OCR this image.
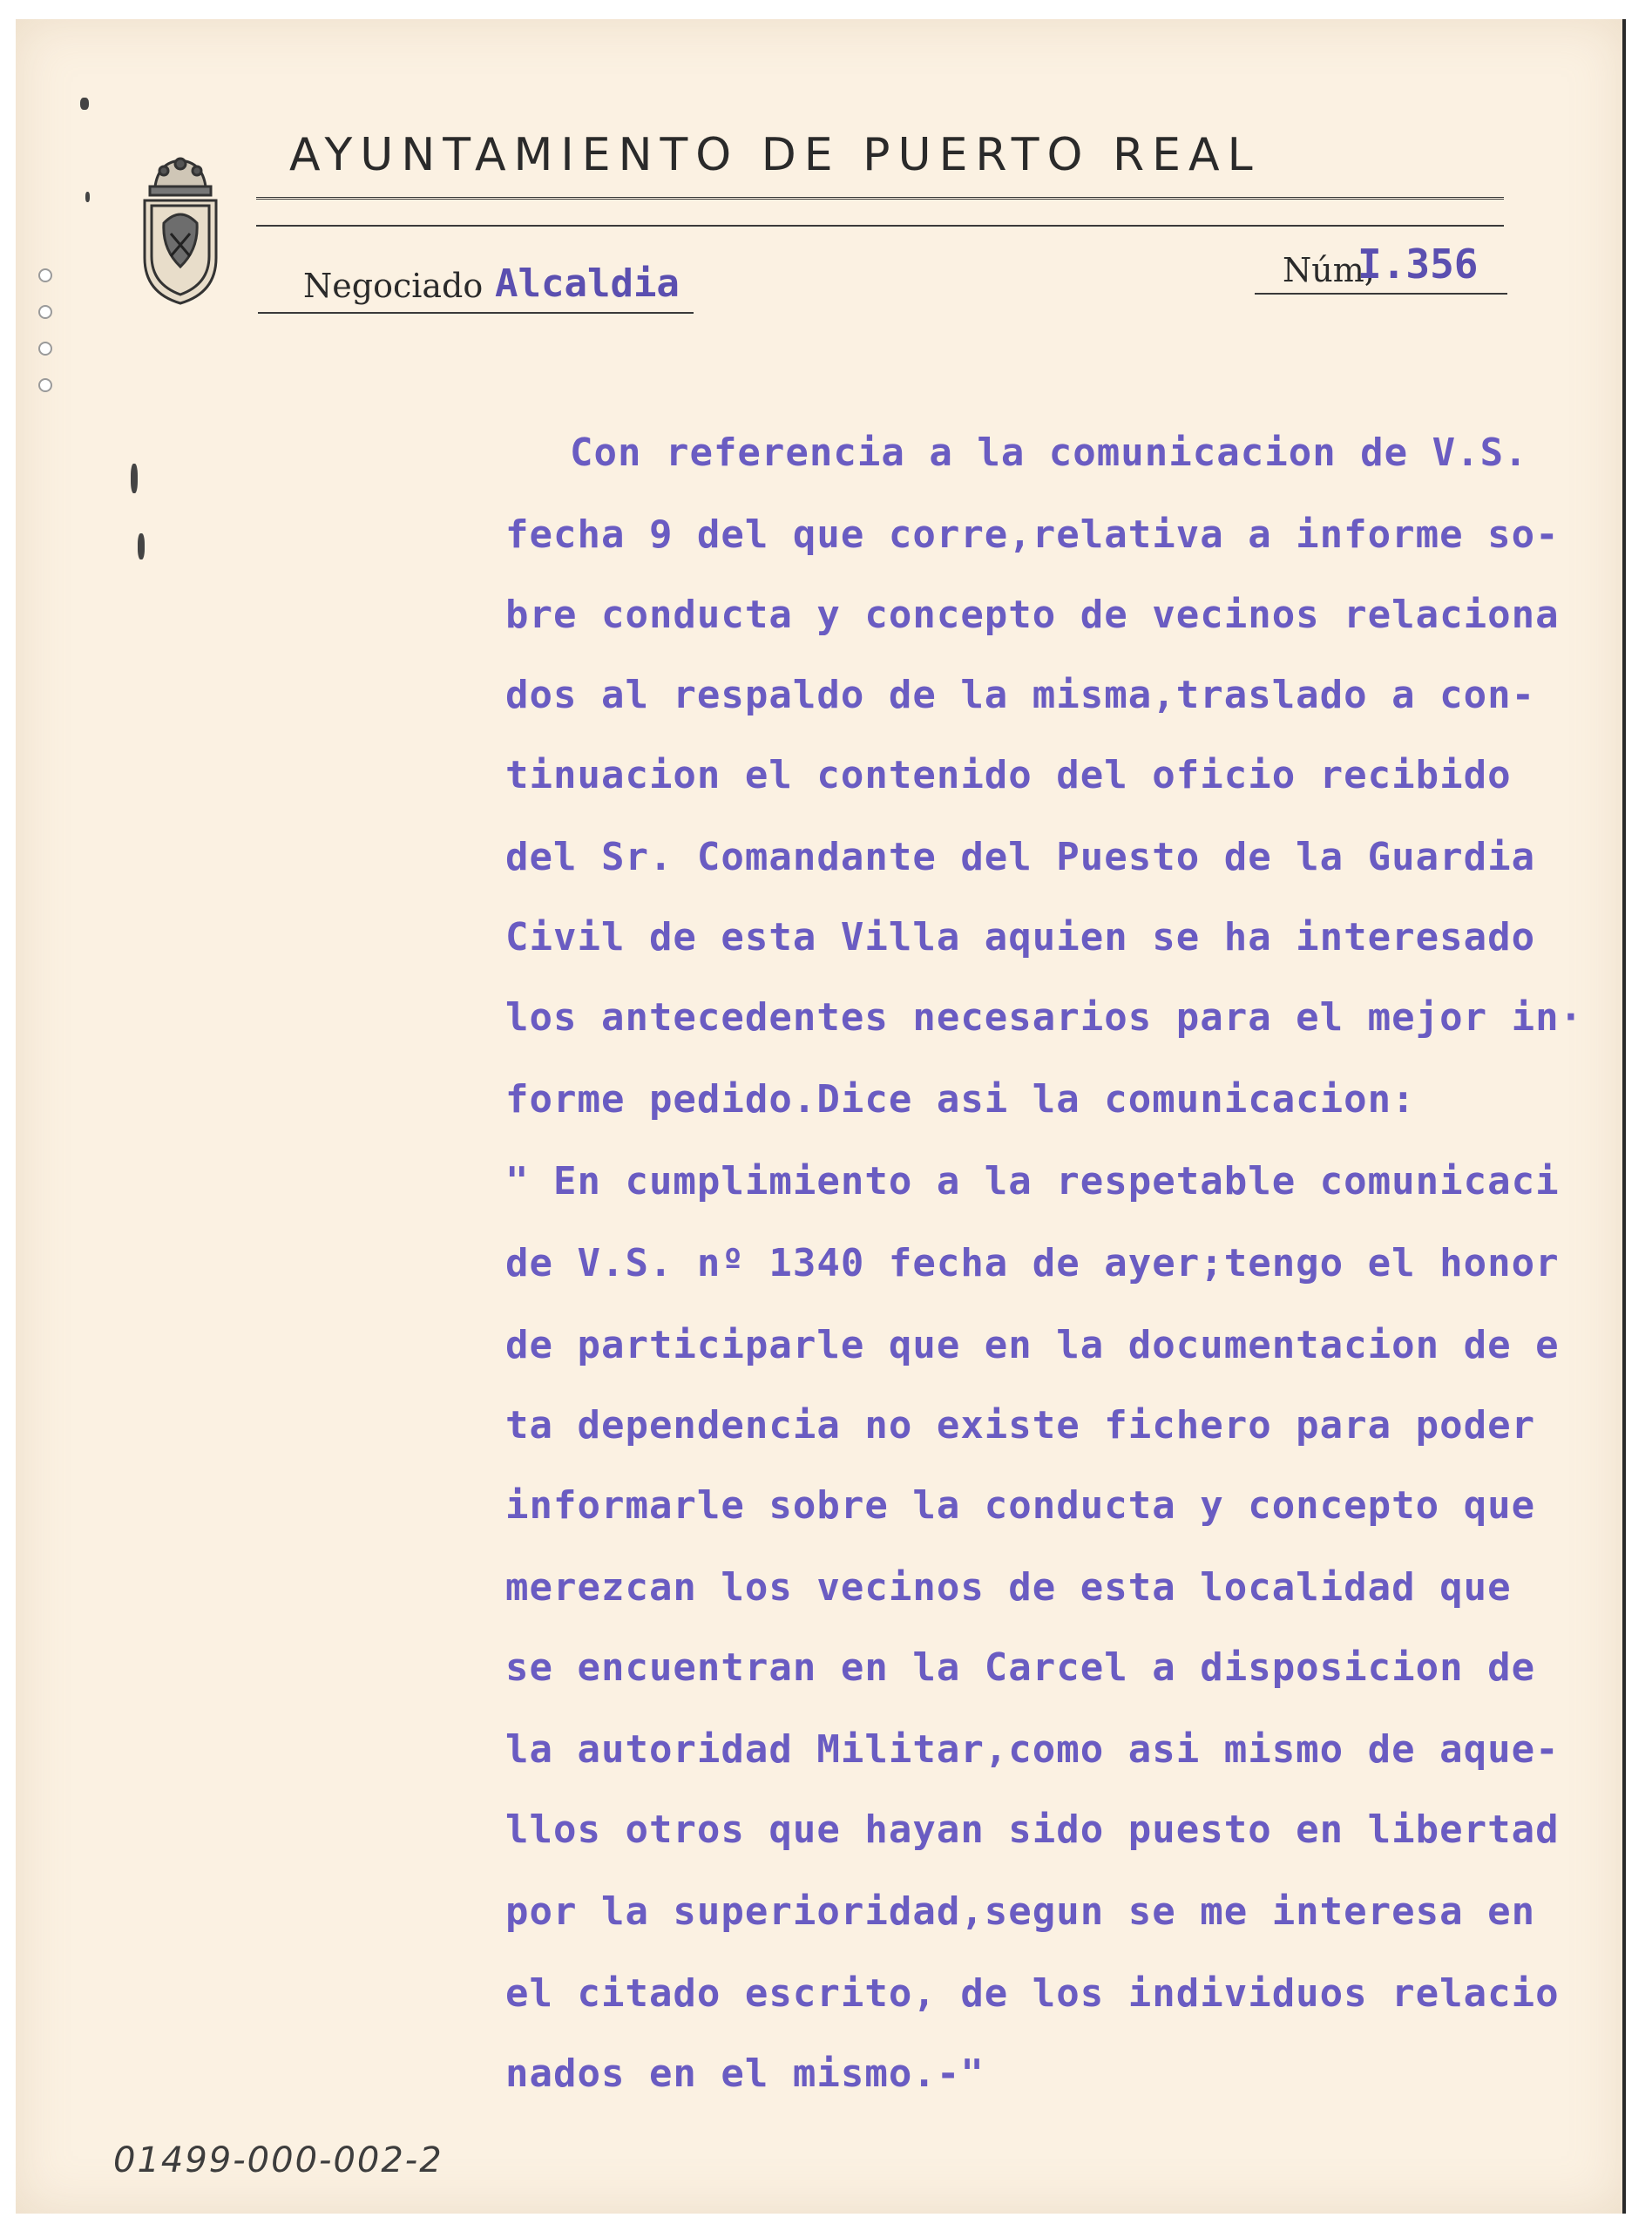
AYUNTAMIENTO DE PUERTO REAL
Negociado Alcaldia	Núm,
I.356
Con referencia a la comunicacion de V.S.
fecha 9 del que corre,relativa a informe so-
bre conducta y concepto de vecinos relaciona
dos al respaldo de la misma,traslado a con-
tinuacion el contenido del oficio recibido
del Sr. Comandante del Puesto de la Guardia
Civil de esta Villa aquien se ha interesado
los antecedentes necesarios para el mejor in·
forme pedido.Dice asi la comunicacion:
" En cumplimiento a la respetable comunicaci
de V.S. nº 1340 fecha de ayer;tengo el honor
de participarle que en la documentacion de e
ta dependencia no existe fichero para poder
informarle sobre la conducta y concepto que
merezcan los vecinos de esta localidad que
se encuentran en la Carcel a disposicion de
la autoridad Militar,como asi mismo de aque-
llos otros que hayan sido puesto en libertad
por la superioridad,segun se me interesa en
el citado escrito, de los individuos relacio
nados en el mismo.-"
01499-000-002-2
